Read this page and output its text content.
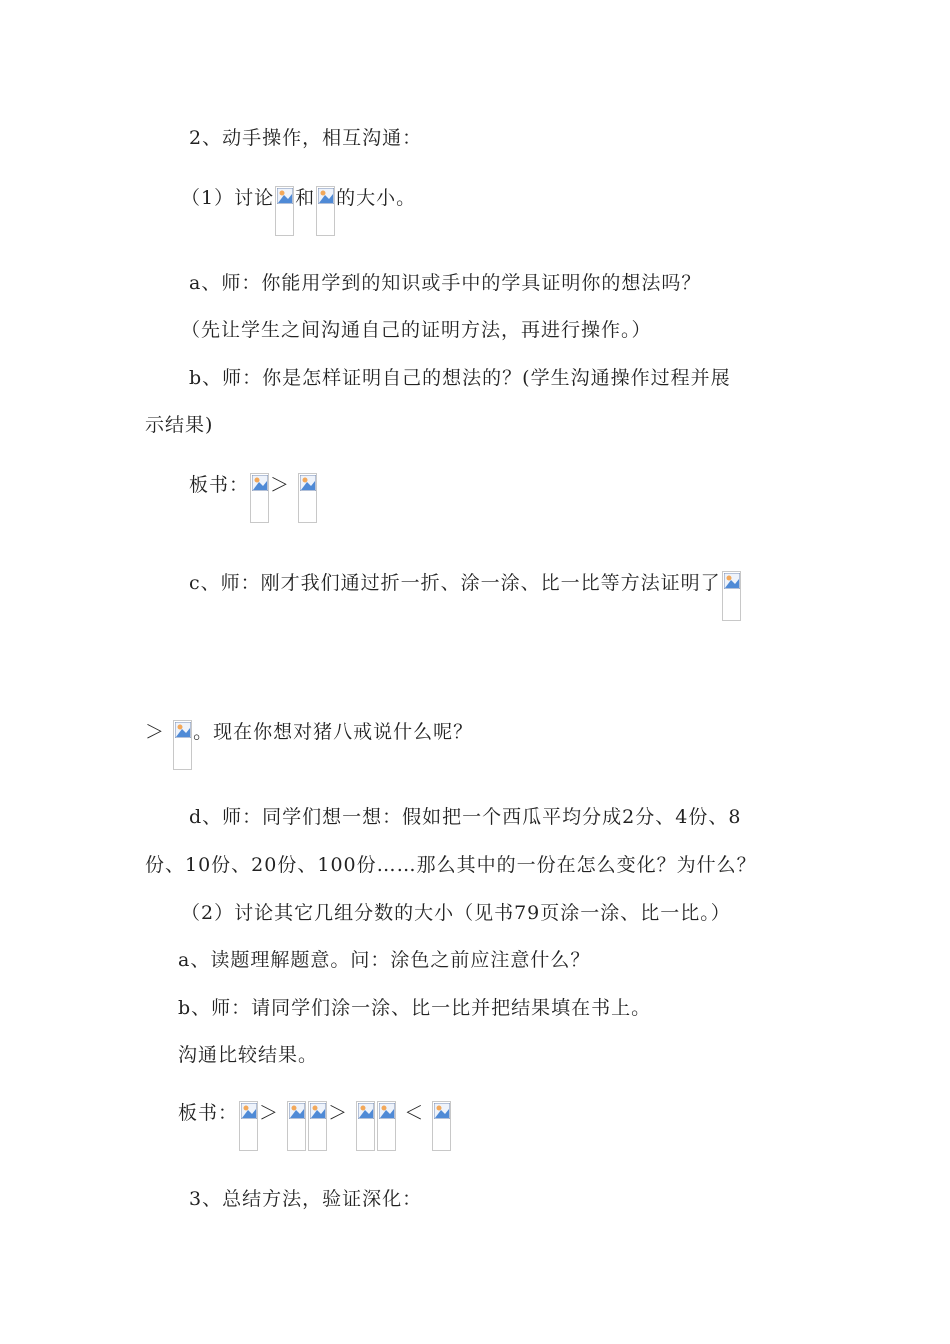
2、动手操作，相互沟通：
（1）讨论 和 的大小。
a、师：你能用学到的知识或手中的学具证明你的想法吗？
（先让学生之间沟通自己的证明方法，再进行操作。）
b、师：你是怎样证明自己的想法的？(学生沟通操作过程并展
示结果)
板书： ＞
c、师：刚才我们通过折一折、涂一涂、比一比等方法证明了
＞ 。现在你想对猪八戒说什么呢？
d、师：同学们想一想：假如把一个西瓜平均分成2分、4份、8
份、10份、20份、100份……那么其中的一份在怎么变化？为什么？
（2）讨论其它几组分数的大小（见书79页涂一涂、比一比。）
a、读题理解题意。问：涂色之前应注意什么？
b、师：请同学们涂一涂、比一比并把结果填在书上。
沟通比较结果。
板书： ＞	＞	＜
3、总结方法，验证深化：
